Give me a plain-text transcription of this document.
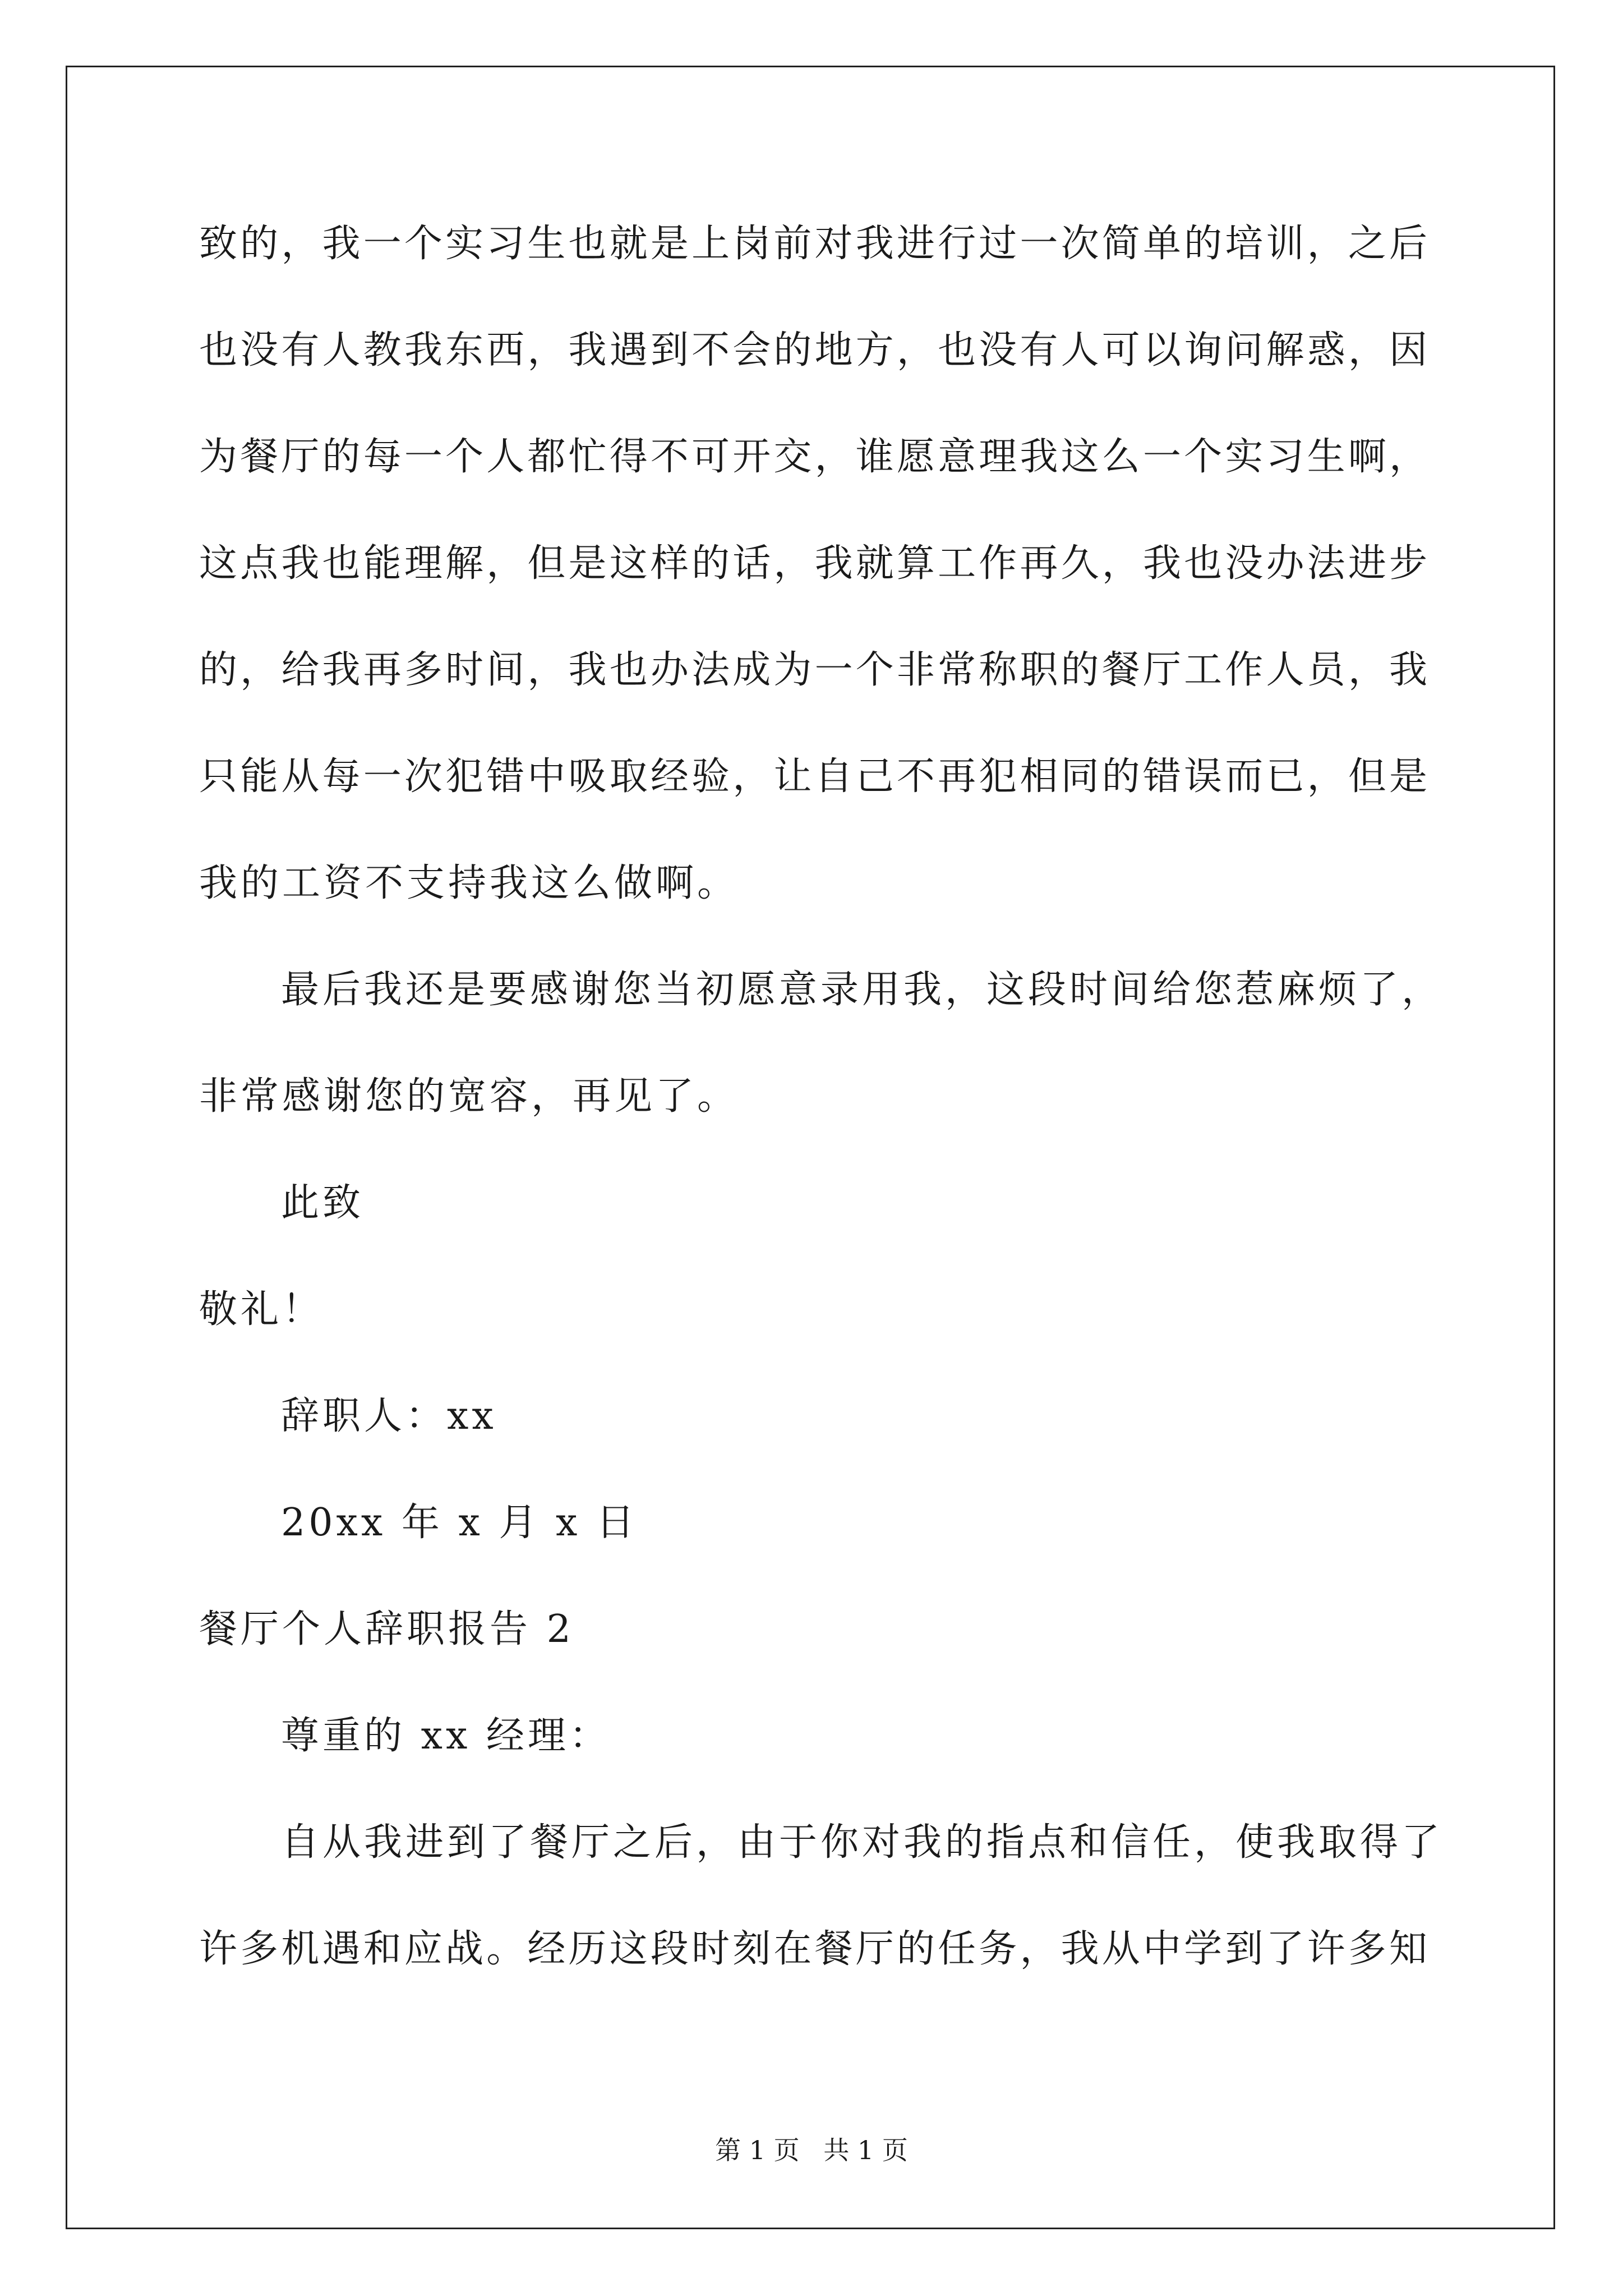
致的，我一个实习生也就是上岗前对我进行过一次简单的培训，之后
也没有人教我东西，我遇到不会的地方，也没有人可以询问解惑，因
为餐厅的每一个人都忙得不可开交，谁愿意理我这么一个实习生啊，
这点我也能理解，但是这样的话，我就算工作再久，我也没办法进步
的，给我再多时间，我也办法成为一个非常称职的餐厅工作人员，我
只能从每一次犯错中吸取经验，让自己不再犯相同的错误而已，但是
我的工资不支持我这么做啊。
最后我还是要感谢您当初愿意录用我，这段时间给您惹麻烦了，
非常感谢您的宽容，再见了。
此致
敬礼！
辞职人：xx
20xx 年 x 月 x 日
餐厅个人辞职报告 2
尊重的 xx 经理：
自从我进到了餐厅之后，由于你对我的指点和信任，使我取得了
许多机遇和应战。经历这段时刻在餐厅的任务，我从中学到了许多知
第 1 页 共 1 页
